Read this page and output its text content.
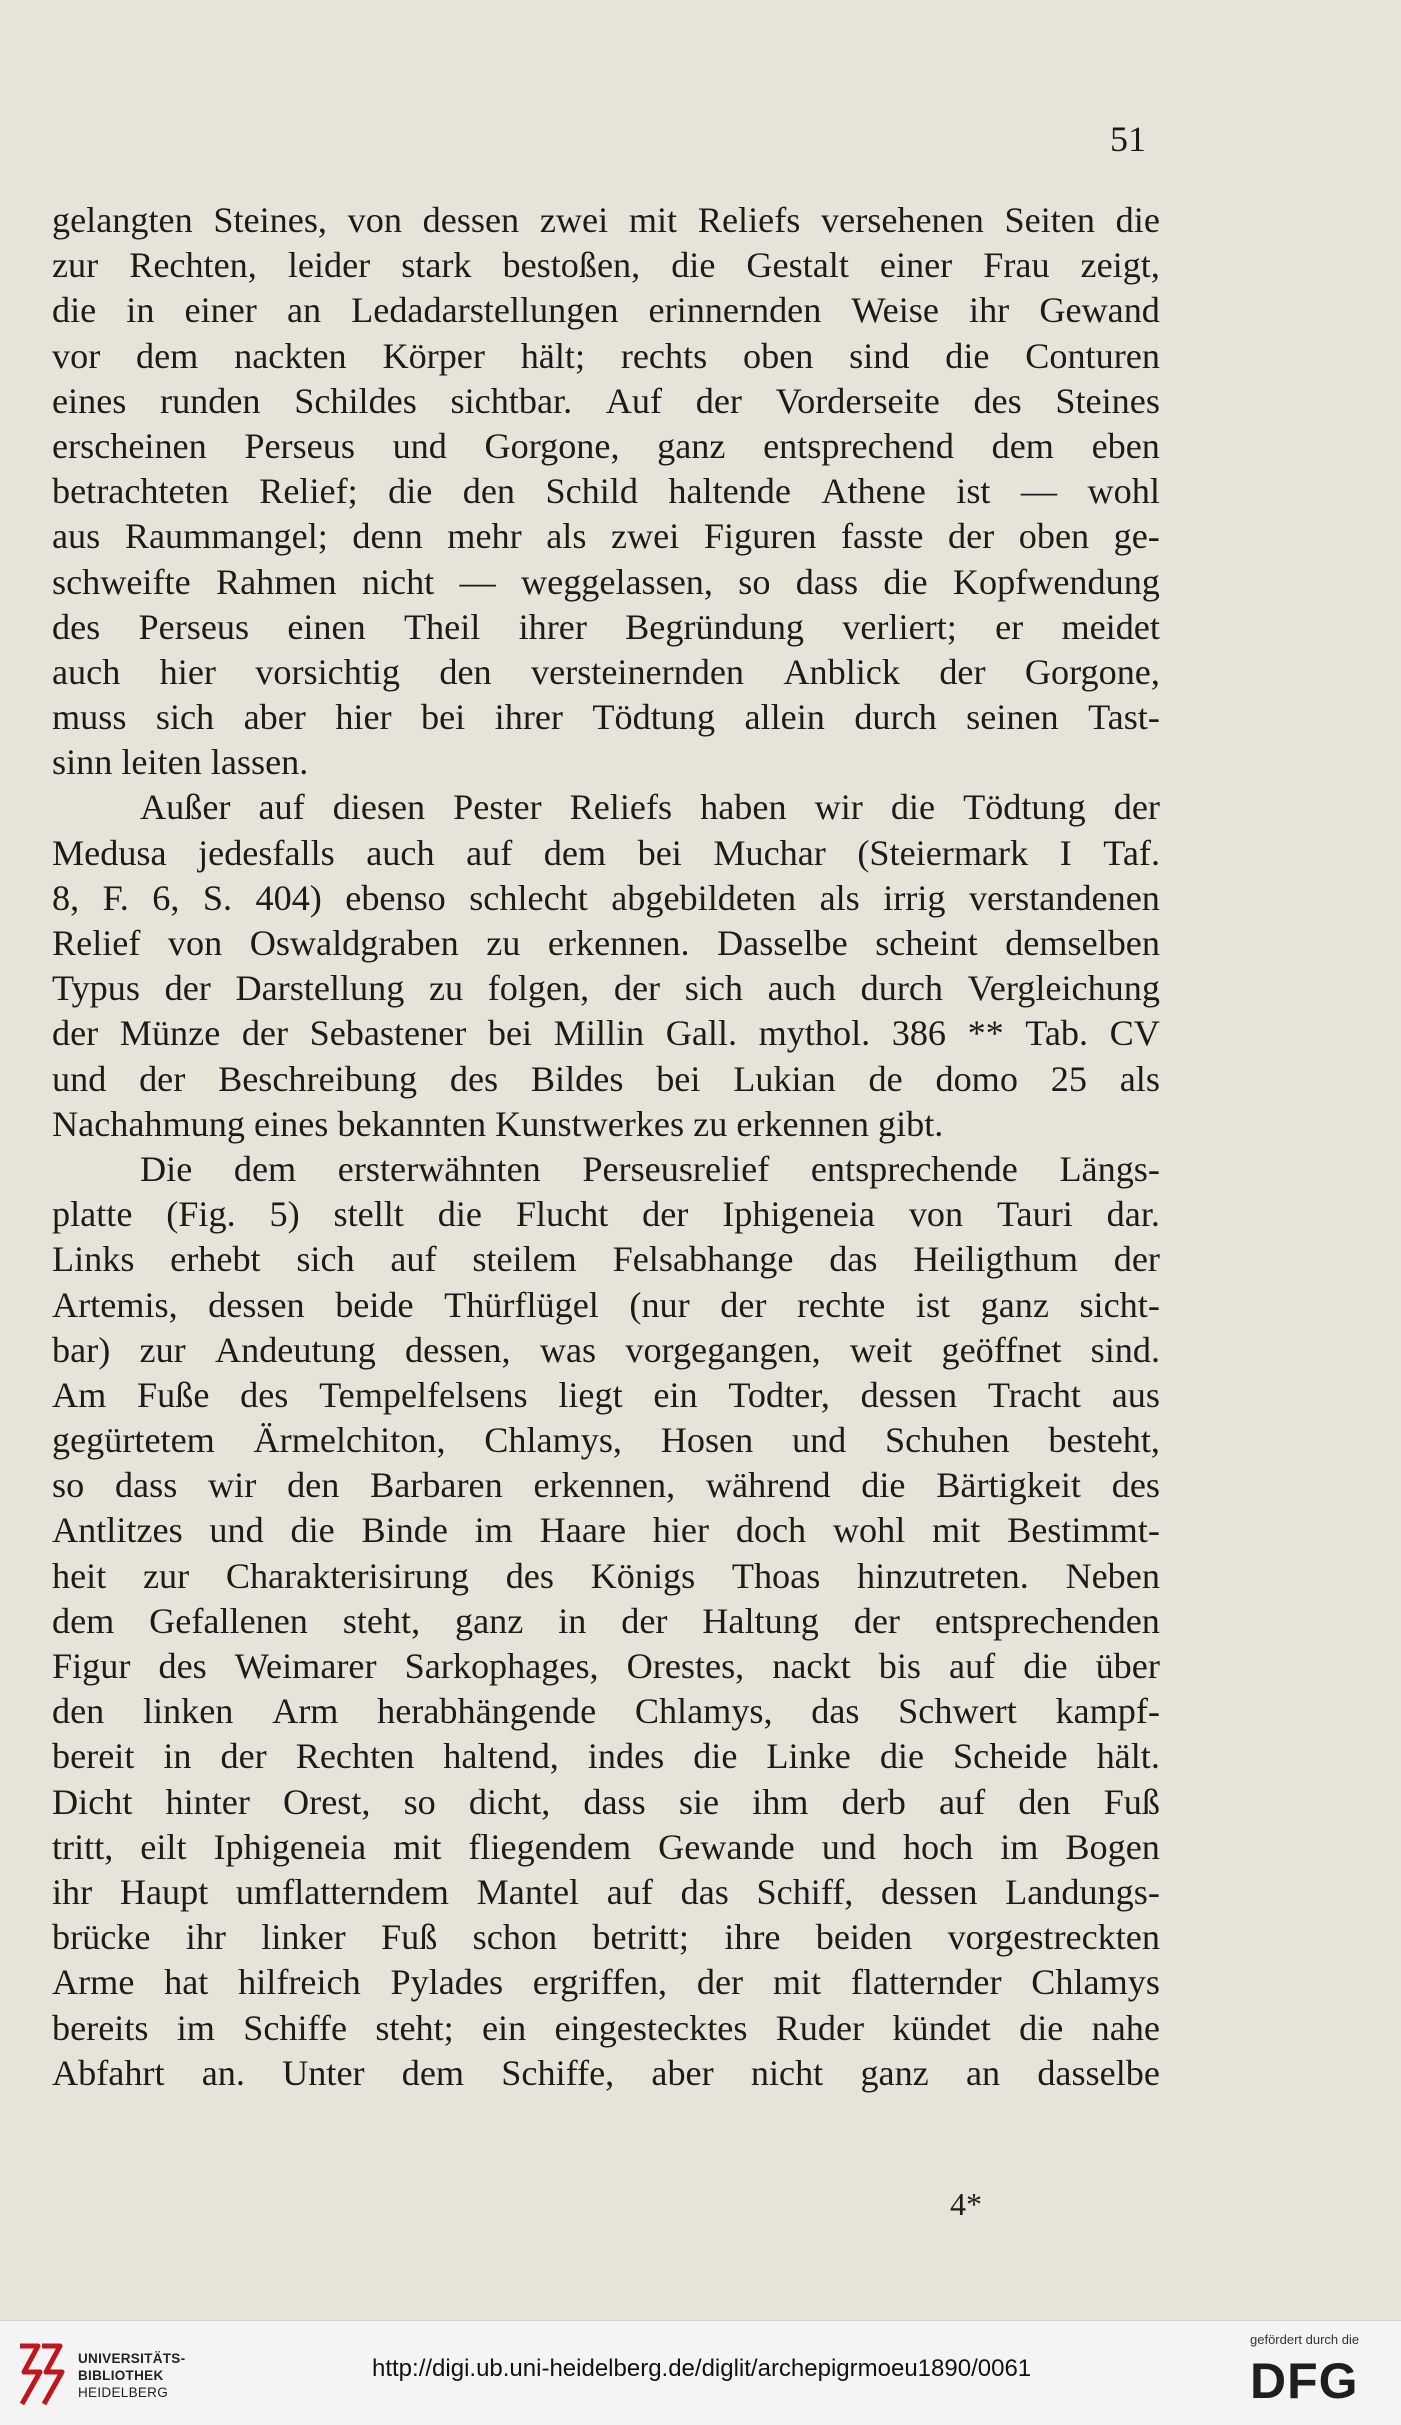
51
gelangten Steines, von dessen zwei mit Reliefs versehenen Seiten die
zur Rechten, leider stark bestoßen, die Gestalt einer Frau zeigt,
die in einer an Ledadarstellungen erinnernden Weise ihr Gewand
vor dem nackten Körper hält; rechts oben sind die Conturen
eines runden Schildes sichtbar. Auf der Vorderseite des Steines
erscheinen Perseus und Gorgone, ganz entsprechend dem eben
betrachteten Relief; die den Schild haltende Athene ist — wohl
aus Raummangel; denn mehr als zwei Figuren fasste der oben ge-
schweifte Rahmen nicht — weggelassen, so dass die Kopfwendung
des Perseus einen Theil ihrer Begründung verliert; er meidet
auch hier vorsichtig den versteinernden Anblick der Gorgone,
muss sich aber hier bei ihrer Tödtung allein durch seinen Tast-
sinn leiten lassen.
Außer auf diesen Pester Reliefs haben wir die Tödtung der
Medusa jedesfalls auch auf dem bei Muchar (Steiermark I Taf.
8, F. 6, S. 404) ebenso schlecht abgebildeten als irrig verstandenen
Relief von Oswaldgraben zu erkennen. Dasselbe scheint demselben
Typus der Darstellung zu folgen, der sich auch durch Vergleichung
der Münze der Sebastener bei Millin Gall. mythol. 386 ** Tab. CV
und der Beschreibung des Bildes bei Lukian de domo 25 als
Nachahmung eines bekannten Kunstwerkes zu erkennen gibt.
Die dem ersterwähnten Perseusrelief entsprechende Längs-
platte (Fig. 5) stellt die Flucht der Iphigeneia von Tauri dar.
Links erhebt sich auf steilem Felsabhange das Heiligthum der
Artemis, dessen beide Thürflügel (nur der rechte ist ganz sicht-
bar) zur Andeutung dessen, was vorgegangen, weit geöffnet sind.
Am Fuße des Tempelfelsens liegt ein Todter, dessen Tracht aus
gegürtetem Ärmelchiton, Chlamys, Hosen und Schuhen besteht,
so dass wir den Barbaren erkennen, während die Bärtigkeit des
Antlitzes und die Binde im Haare hier doch wohl mit Bestimmt-
heit zur Charakterisirung des Königs Thoas hinzutreten. Neben
dem Gefallenen steht, ganz in der Haltung der entsprechenden
Figur des Weimarer Sarkophages, Orestes, nackt bis auf die über
den linken Arm herabhängende Chlamys, das Schwert kampf-
bereit in der Rechten haltend, indes die Linke die Scheide hält.
Dicht hinter Orest, so dicht, dass sie ihm derb auf den Fuß
tritt, eilt Iphigeneia mit fliegendem Gewande und hoch im Bogen
ihr Haupt umflatterndem Mantel auf das Schiff, dessen Landungs-
brücke ihr linker Fuß schon betritt; ihre beiden vorgestreckten
Arme hat hilfreich Pylades ergriffen, der mit flatternder Chlamys
bereits im Schiffe steht; ein eingestecktes Ruder kündet die nahe
Abfahrt an. Unter dem Schiffe, aber nicht ganz an dasselbe
4*
UNIVERSITÄTS-
BIBLIOTHEK
HEIDELBERG
http://digi.ub.uni-heidelberg.de/diglit/archepigrmoeu1890/0061
gefördert durch die
DFG
